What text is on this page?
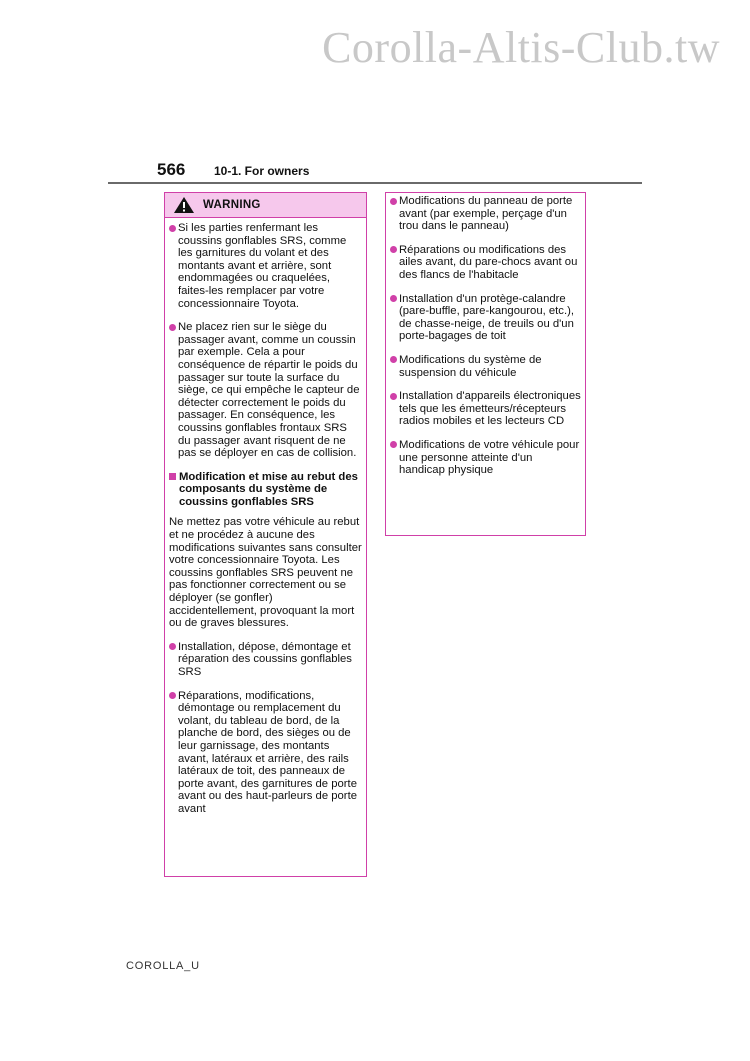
Corolla-Altis-Club.tw
566 10-1. For owners
WARNING
Si les parties renfermant les coussins gonflables SRS, comme les garnitures du volant et des montants avant et arrière, sont endommagées ou craquelées, faites-les remplacer par votre concessionnaire Toyota.
Ne placez rien sur le siège du passager avant, comme un coussin par exemple. Cela a pour conséquence de répartir le poids du passager sur toute la surface du siège, ce qui empêche le capteur de détecter correctement le poids du passager. En conséquence, les coussins gonflables frontaux SRS du passager avant risquent de ne pas se déployer en cas de collision.
Modification et mise au rebut des composants du système de coussins gonflables SRS
Ne mettez pas votre véhicule au rebut et ne procédez à aucune des modifications suivantes sans consulter votre concessionnaire Toyota. Les coussins gonflables SRS peuvent ne pas fonctionner correctement ou se déployer (se gonfler) accidentellement, provoquant la mort ou de graves blessures.
Installation, dépose, démontage et réparation des coussins gonflables SRS
Réparations, modifications, démontage ou remplacement du volant, du tableau de bord, de la planche de bord, des sièges ou de leur garnissage, des montants avant, latéraux et arrière, des rails latéraux de toit, des panneaux de porte avant, des garnitures de porte avant ou des haut-parleurs de porte avant
Modifications du panneau de porte avant (par exemple, perçage d'un trou dans le panneau)
Réparations ou modifications des ailes avant, du pare-chocs avant ou des flancs de l'habitacle
Installation d'un protège-calandre (pare-buffle, pare-kangourou, etc.), de chasse-neige, de treuils ou d'un porte-bagages de toit
Modifications du système de suspension du véhicule
Installation d'appareils électroniques tels que les émetteurs/récepteurs radios mobiles et les lecteurs CD
Modifications de votre véhicule pour une personne atteinte d'un handicap physique
COROLLA_U
